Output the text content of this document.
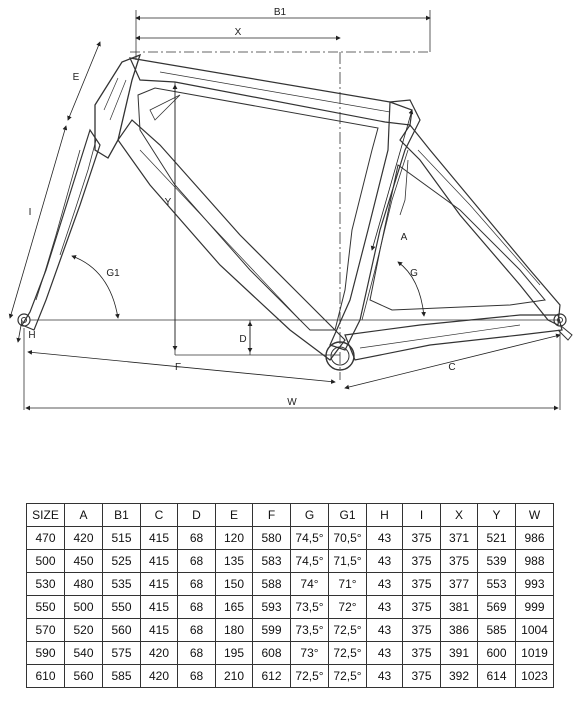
B1
X
E
I
Y
G1	G
A
D
H
F	C
W
SIZE	A	B1	C	D	E	F	G	G1	H	I	X	Y	W
470	420	515	415	68	120	580	74,5°	70,5°	43	375	371	521	986
500	450	525	415	68	135	583	74,5°	71,5°	43	375	375	539	988
530	480	535	415	68	150	588	74°	71°	43	375	377	553	993
550	500	550	415	68	165	593	73,5°	72°	43	375	381	569	999
570	520	560	415	68	180	599	73,5°	72,5°	43	375	386	585	1004
590	540	575	420	68	195	608	73°	72,5°	43	375	391	600	1019
610	560	585	420	68	210	612	72,5°	72,5°	43	375	392	614	1023
